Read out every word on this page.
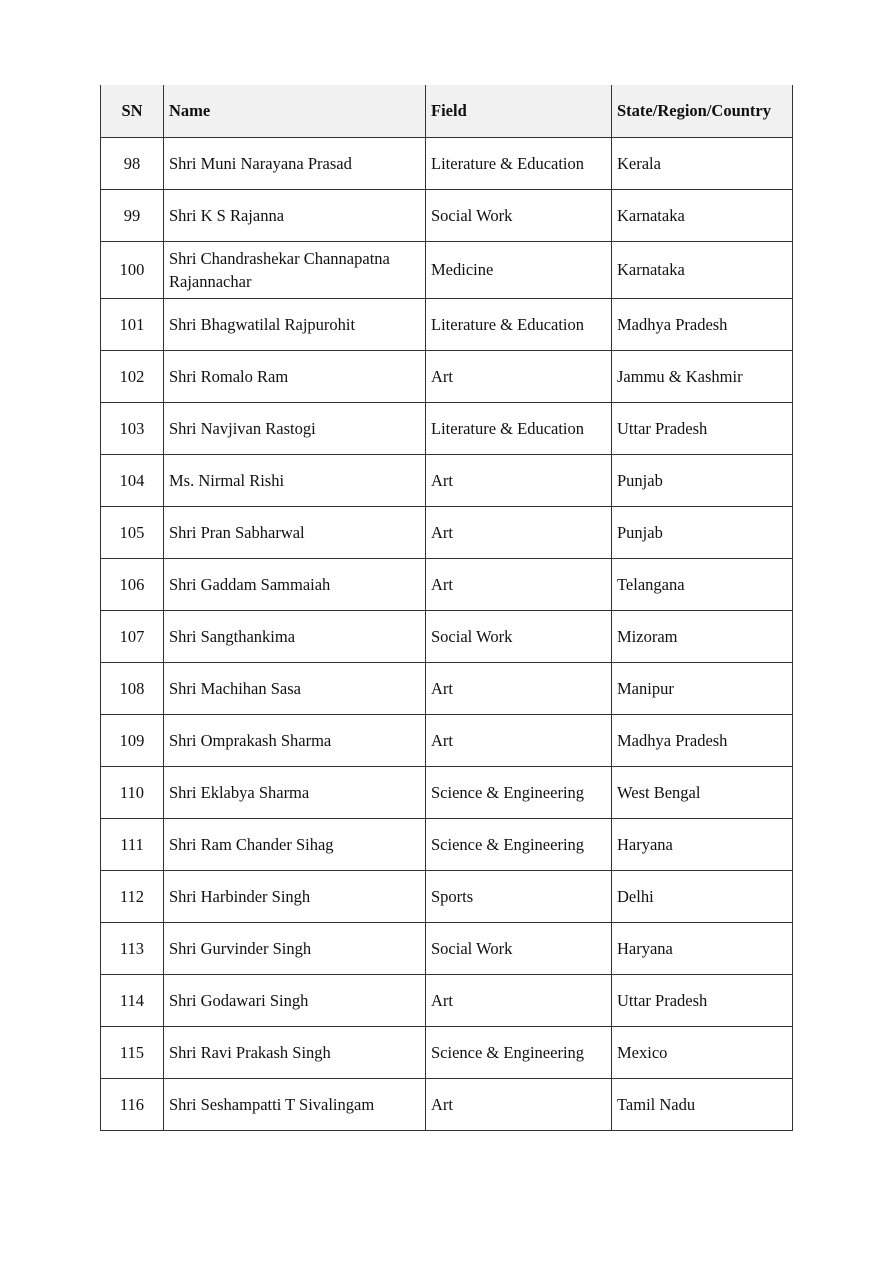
SN	Name	Field	State/Region/Country
98	Shri Muni Narayana Prasad	Literature & Education	Kerala
99	Shri K S Rajanna	Social Work	Karnataka
100	Shri Chandrashekar Channapatna Rajannachar	Medicine	Karnataka
101	Shri Bhagwatilal Rajpurohit	Literature & Education	Madhya Pradesh
102	Shri Romalo Ram	Art	Jammu & Kashmir
103	Shri Navjivan Rastogi	Literature & Education	Uttar Pradesh
104	Ms. Nirmal Rishi	Art	Punjab
105	Shri Pran Sabharwal	Art	Punjab
106	Shri Gaddam Sammaiah	Art	Telangana
107	Shri Sangthankima	Social Work	Mizoram
108	Shri Machihan Sasa	Art	Manipur
109	Shri Omprakash Sharma	Art	Madhya Pradesh
110	Shri Eklabya Sharma	Science & Engineering	West Bengal
111	Shri Ram Chander Sihag	Science & Engineering	Haryana
112	Shri Harbinder Singh	Sports	Delhi
113	Shri Gurvinder Singh	Social Work	Haryana
114	Shri Godawari Singh	Art	Uttar Pradesh
115	Shri Ravi Prakash Singh	Science & Engineering	Mexico
116	Shri Seshampatti T Sivalingam	Art	Tamil Nadu
